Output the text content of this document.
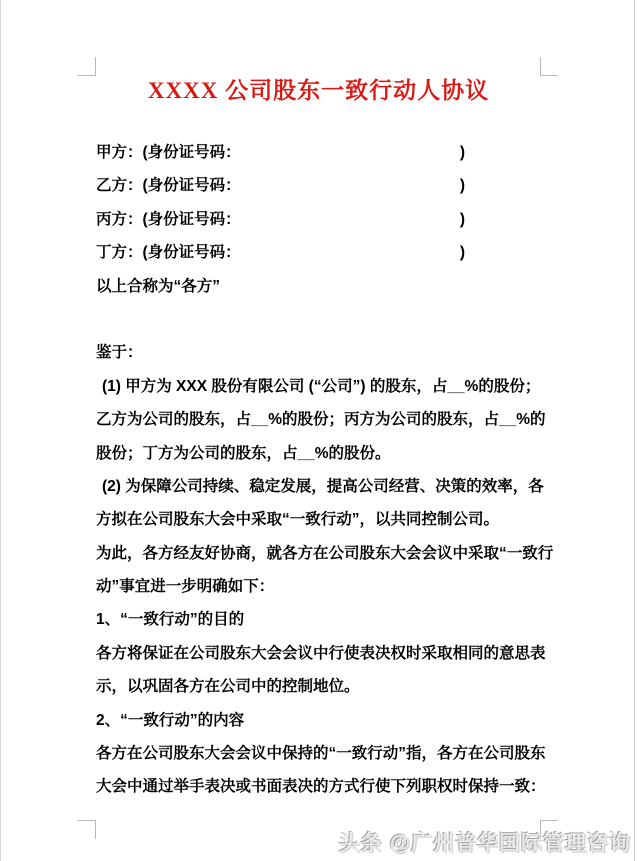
XXXX 公司股东一致行动人协议
甲方：(身份证号码：	)
乙方：(身份证号码：	)
丙方：(身份证号码：	)
丁方：(身份证号码：	)
以上合称为“各方”
鉴于：
(1) 甲方为 XXX 股份有限公司 (“公司”) 的股东，占__%的股份；
乙方为公司的股东，占__%的股份；丙方为公司的股东，占__%的
股份；丁方为公司的股东，占__%的股份。
(2) 为保障公司持续、稳定发展，提高公司经营、决策的效率，各
方拟在公司股东大会中采取“一致行动”，以共同控制公司。
为此，各方经友好协商，就各方在公司股东大会会议中采取“一致行
动”事宜进一步明确如下：
1、“一致行动”的目的
各方将保证在公司股东大会会议中行使表决权时采取相同的意思表
示，以巩固各方在公司中的控制地位。
2、“一致行动”的内容
各方在公司股东大会会议中保持的“一致行动”指，各方在公司股东
大会中通过举手表决或书面表决的方式行使下列职权时保持一致：
头条 @广州普华国际管理咨询
